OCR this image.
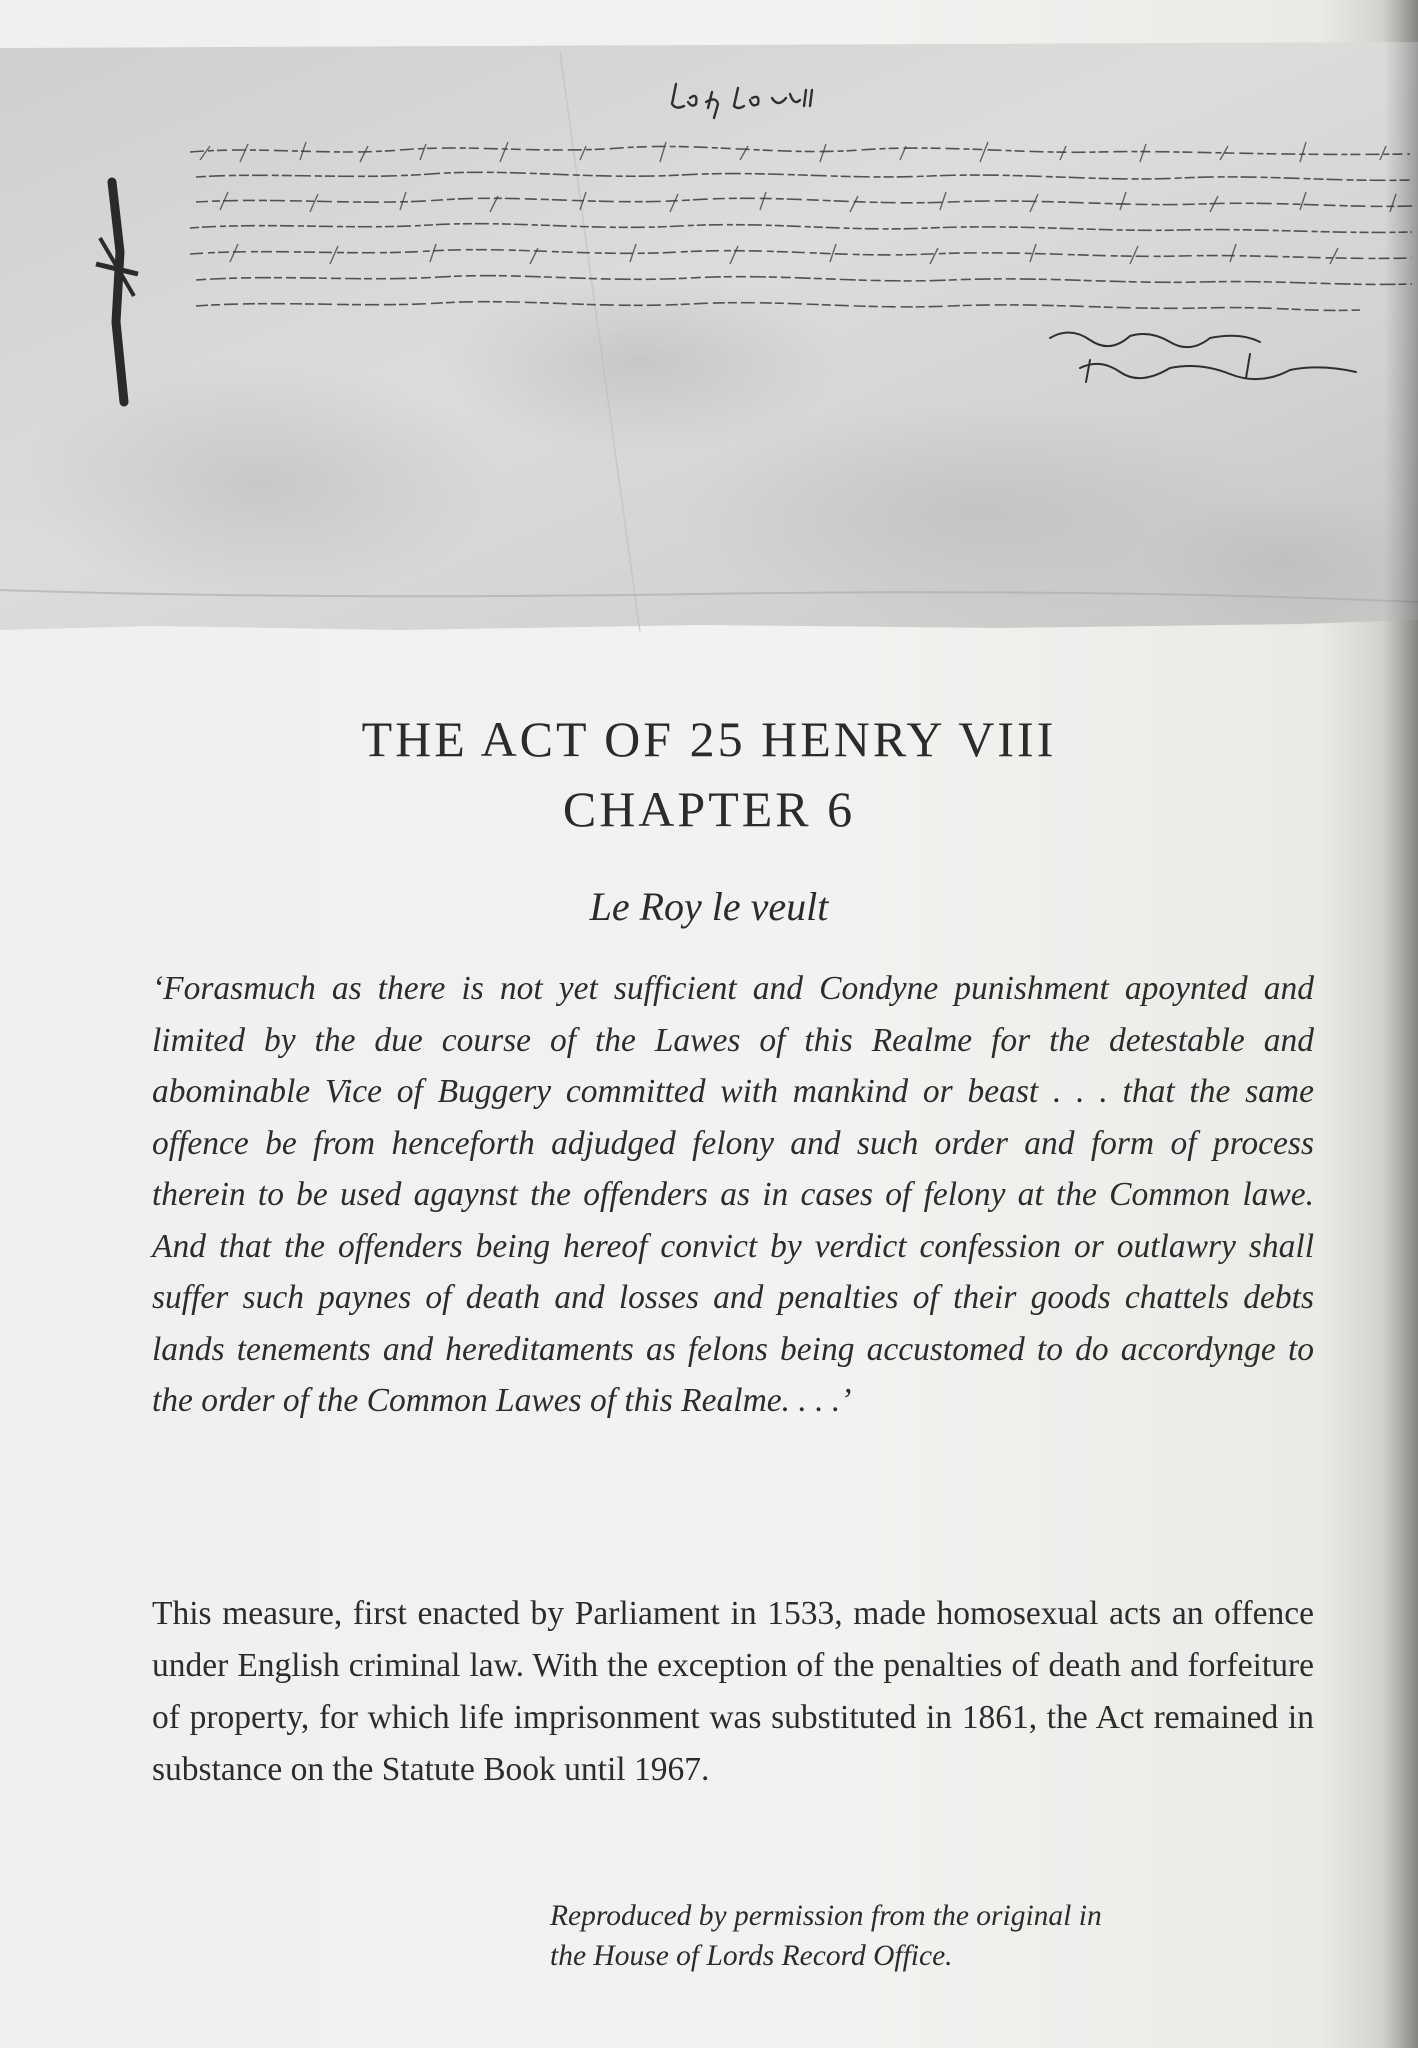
THE ACT OF 25 HENRY VIII
CHAPTER 6
Le Roy le veult

‘Forasmuch as there is not yet sufficient and Condyne punishment apoynted and limited by the due course of the Lawes of this Realme for the detestable and abominable Vice of Buggery committed with mankind or beast . . . that the same offence be from henceforth adjudged felony and such order and form of process therein to be used agaynst the offenders as in cases of felony at the Common lawe. And that the offenders being hereof convict by verdict confession or outlawry shall suffer such paynes of death and losses and penalties of their goods chattels debts lands tenements and hereditaments as felons being accustomed to do accordynge to the order of the Common Lawes of this Realme. . . .’

This measure, first enacted by Parliament in 1533, made homosexual acts an offence under English criminal law. With the exception of the penalties of death and forfeiture of property, for which life imprisonment was substituted in 1861, the Act remained in substance on the Statute Book until 1967.

Reproduced by permission from the original in
the House of Lords Record Office.
